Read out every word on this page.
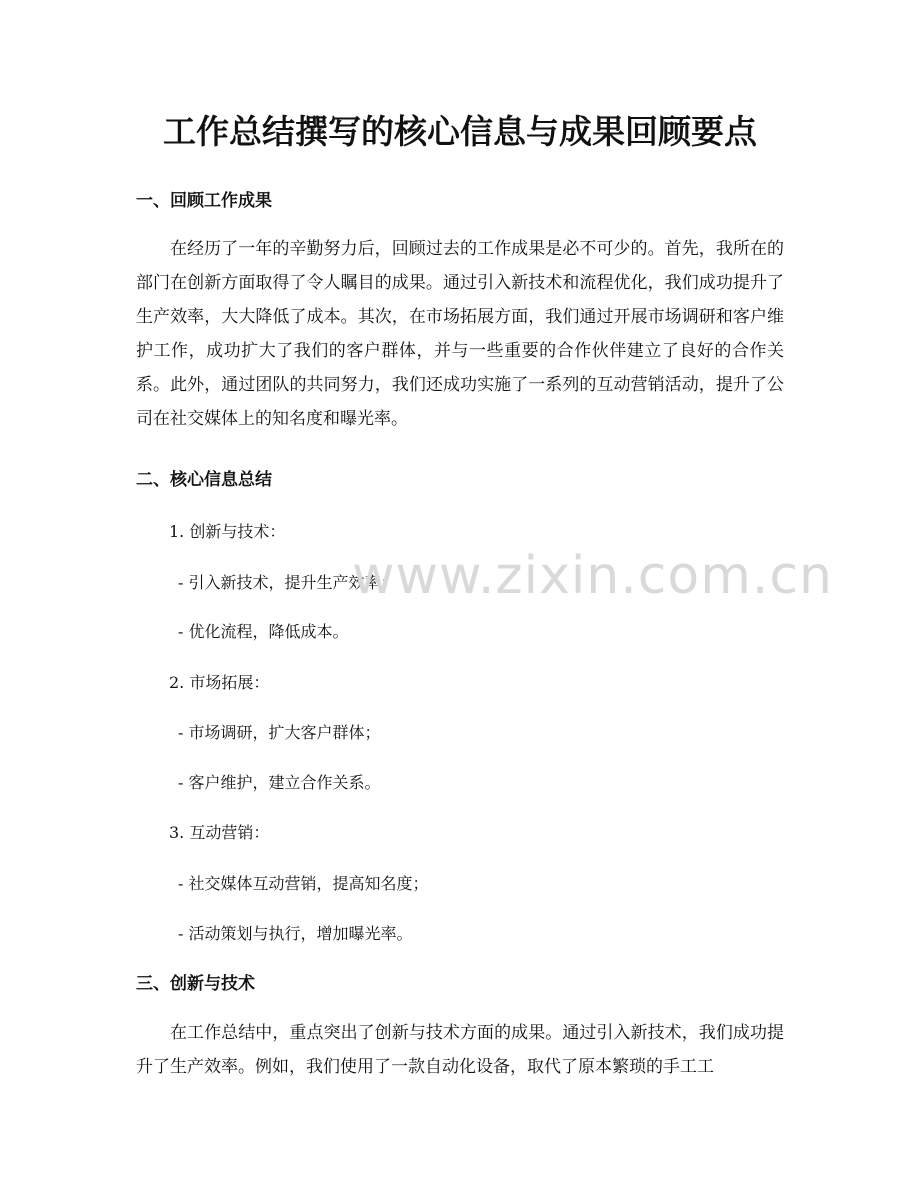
工作总结撰写的核心信息与成果回顾要点
一、回顾工作成果

在经历了一年的辛勤努力后，回顾过去的工作成果是必不可少的。首先，我所在的部门在创新方面取得了令人瞩目的成果。通过引入新技术和流程优化，我们成功提升了生产效率，大大降低了成本。其次，在市场拓展方面，我们通过开展市场调研和客户维护工作，成功扩大了我们的客户群体，并与一些重要的合作伙伴建立了良好的合作关系。此外，通过团队的共同努力，我们还成功实施了一系列的互动营销活动，提升了公司在社交媒体上的知名度和曝光率。

二、核心信息总结
1. 创新与技术：
- 引入新技术，提升生产效率；
- 优化流程，降低成本。
2. 市场拓展：
- 市场调研，扩大客户群体；
- 客户维护，建立合作关系。
3. 互动营销：
- 社交媒体互动营销，提高知名度；
- 活动策划与执行，增加曝光率。
三、创新与技术

在工作总结中，重点突出了创新与技术方面的成果。通过引入新技术，我们成功提升了生产效率。例如，我们使用了一款自动化设备，取代了原本繁琐的手工工

www.zixin.com.cn
